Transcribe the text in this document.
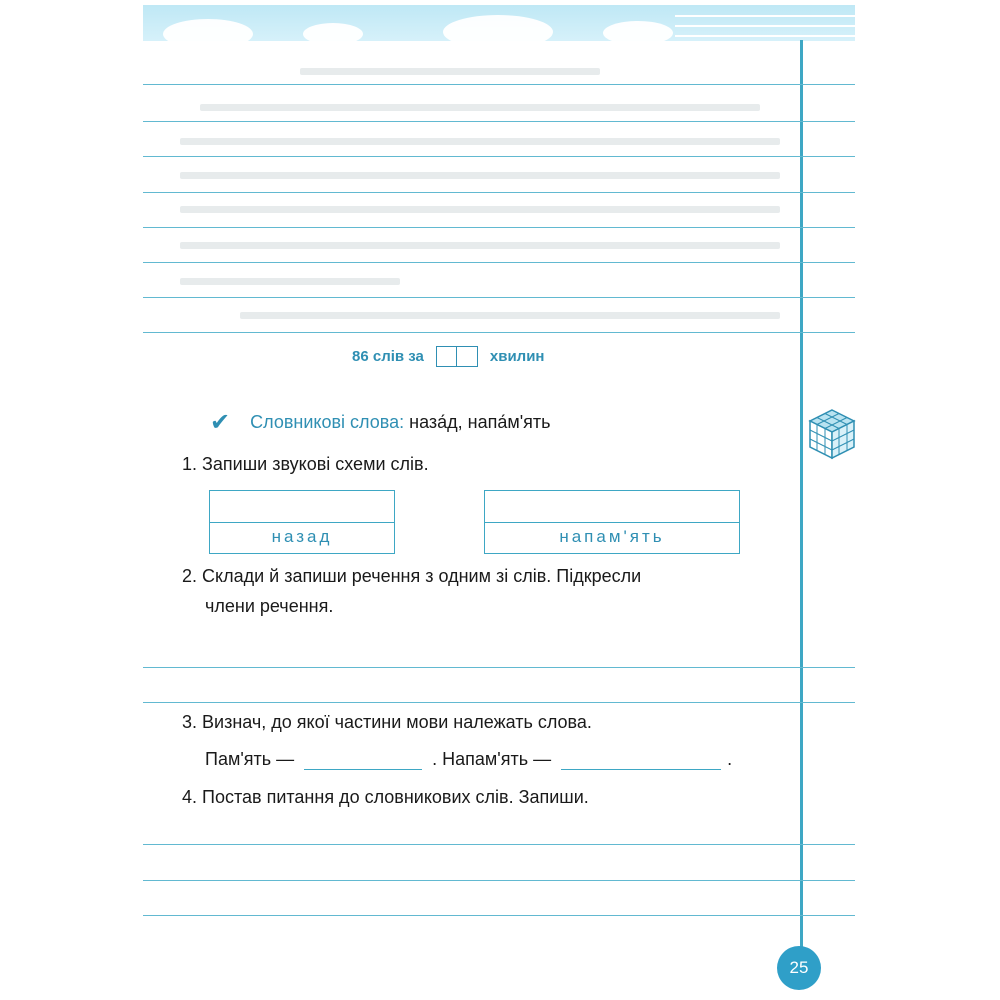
86 слів за	хвилин
✔ Словникові слова: наза́д, напа́м'ять
1. Запиши звукові схеми слів.
назад	напам'ять
2. Склади й запиши речення з одним зі слів. Підкресли
члени речення.
3. Визнач, до якої частини мови належать слова.
Пам'ять —	. Напам'ять —	.
4. Постав питання до словникових слів. Запиши.
25
